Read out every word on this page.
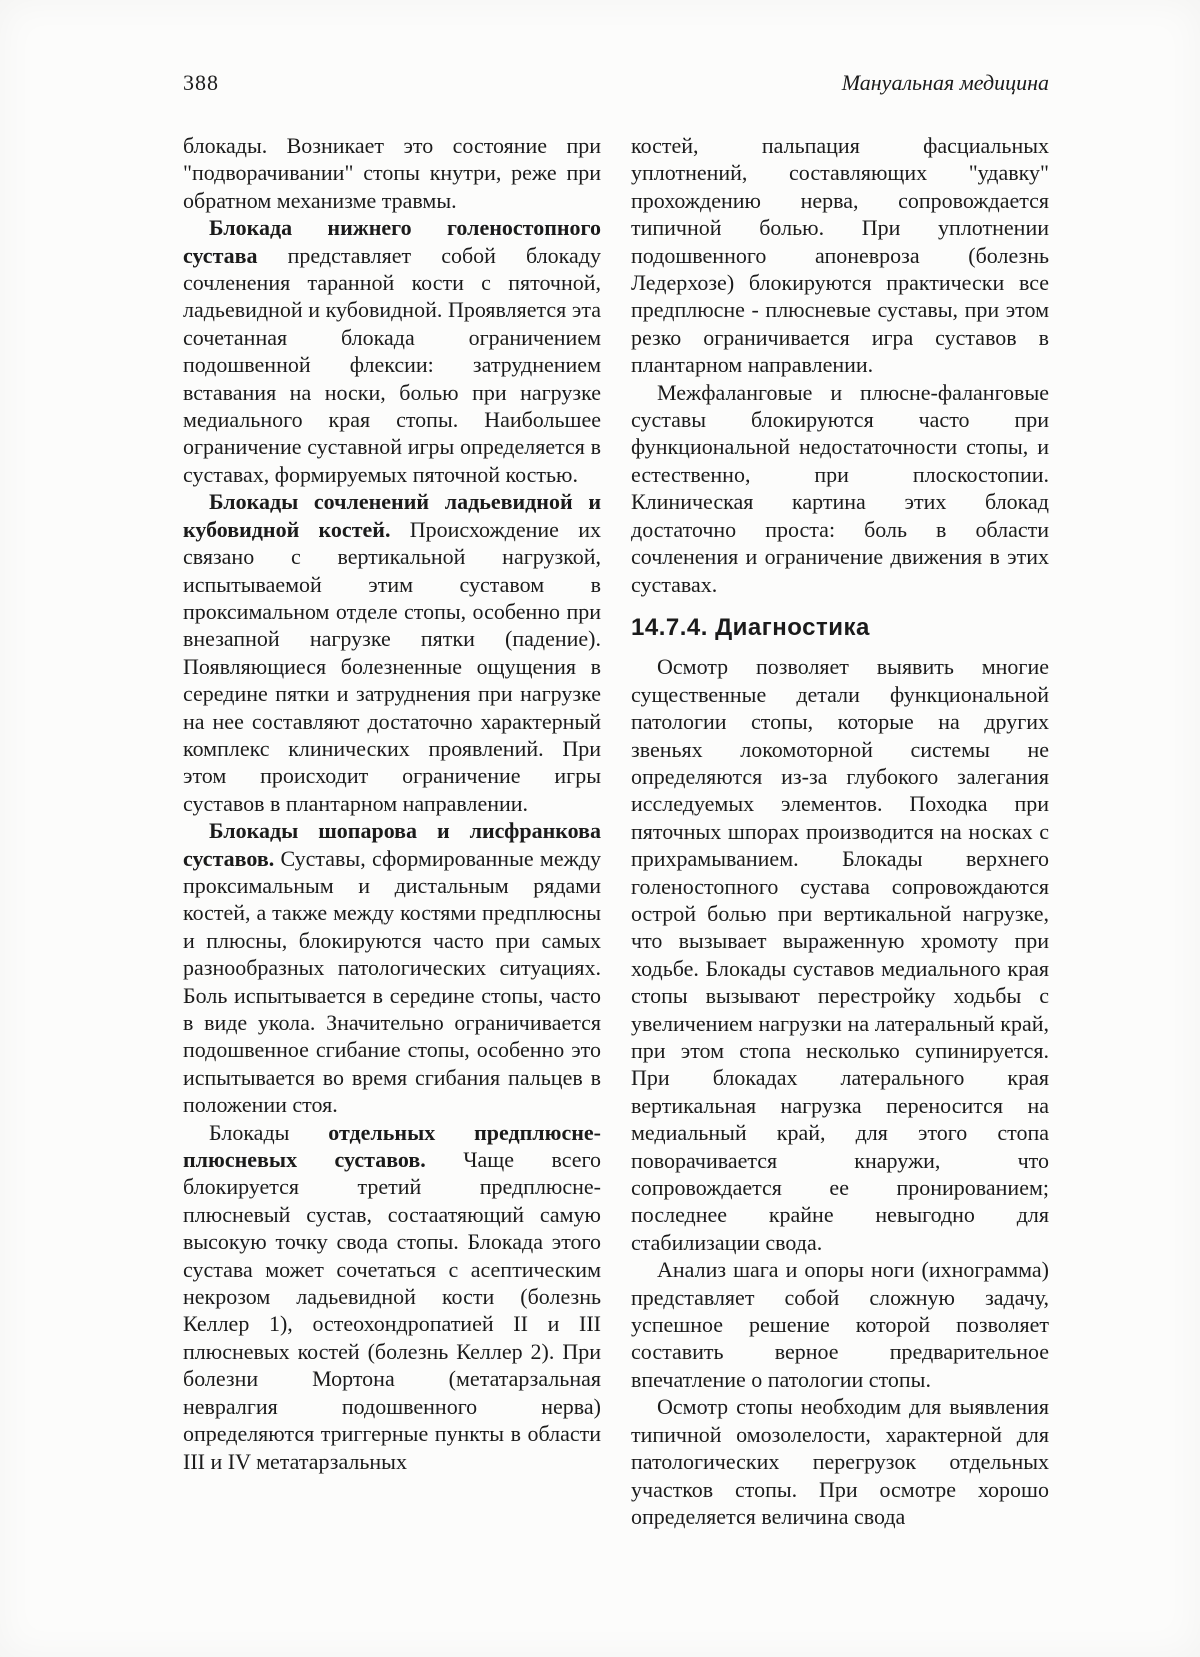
388	Мануальная медицина

блокады. Возникает это состояние при "подворачивании" стопы кнутри, реже при обратном механизме травмы.

Блокада нижнего голеностопного сустава представляет собой блокаду сочленения таранной кости с пяточной, ладьевидной и кубовидной. Проявляется эта сочетанная блокада ограничением подошвенной флексии: затруднением вставания на носки, болью при нагрузке медиального края стопы. Наибольшее ограничение суставной игры определяется в суставах, формируемых пяточной костью.

Блокады сочленений ладьевидной и кубовидной костей. Происхождение их связано с вертикальной нагрузкой, испытываемой этим суставом в проксимальном отделе стопы, особенно при внезапной нагрузке пятки (падение). Появляющиеся болезненные ощущения в середине пятки и затруднения при нагрузке на нее составляют достаточно характерный комплекс клинических проявлений. При этом происходит ограничение игры суставов в плантарном направлении.

Блокады шопарова и лисфранкова суставов. Суставы, сформированные между проксимальным и дистальным рядами костей, а также между костями предплюсны и плюсны, блокируются часто при самых разнообразных патологических ситуациях. Боль испытывается в середине стопы, часто в виде укола. Значительно ограничивается подошвенное сгибание стопы, особенно это испытывается во время сгибания пальцев в положении стоя.

Блокады отдельных предплюсне-плюсневых суставов. Чаще всего блокируется третий предплюсне-плюсневый сустав, состаатяющий самую высокую точку свода стопы. Блокада этого сустава может сочетаться с асептическим некрозом ладьевидной кости (болезнь Келлер 1), остеохондропатией II и III плюсневых костей (болезнь Келлер 2). При болезни Мортона (метатарзальная невралгия подошвенного нерва) определяются триггерные пункты в области III и IV метатарзальных

костей, пальпация фасциальных уплотнений, составляющих "удавку" прохождению нерва, сопровождается типичной болью. При уплотнении подошвенного апоневроза (болезнь Ледерхозе) блокируются практически все предплюсне - плюсневые суставы, при этом резко ограничивается игра суставов в плантарном направлении.

Межфаланговые и плюсне-фаланговые суставы блокируются часто при функциональной недостаточности стопы, и естественно, при плоскостопии. Клиническая картина этих блокад достаточно проста: боль в области сочленения и ограничение движения в этих суставах.

14.7.4. Диагностика

Осмотр позволяет выявить многие существенные детали функциональной патологии стопы, которые на других звеньях локомоторной системы не определяются из-за глубокого залегания исследуемых элементов. Походка при пяточных шпорах производится на носках с прихрамыванием. Блокады верхнего голеностопного сустава сопровождаются острой болью при вертикальной нагрузке, что вызывает выраженную хромоту при ходьбе. Блокады суставов медиального края стопы вызывают перестройку ходьбы с увеличением нагрузки на латеральный край, при этом стопа несколько супинируется. При блокадах латерального края вертикальная нагрузка переносится на медиальный край, для этого стопа поворачивается кнаружи, что сопровождается ее пронированием; последнее крайне невыгодно для стабилизации свода.

Анализ шага и опоры ноги (ихнограмма) представляет собой сложную задачу, успешное решение которой позволяет составить верное предварительное впечатление о патологии стопы.

Осмотр стопы необходим для выявления типичной омозолелости, характерной для патологических перегрузок отдельных участков стопы. При осмотре хорошо определяется величина свода
